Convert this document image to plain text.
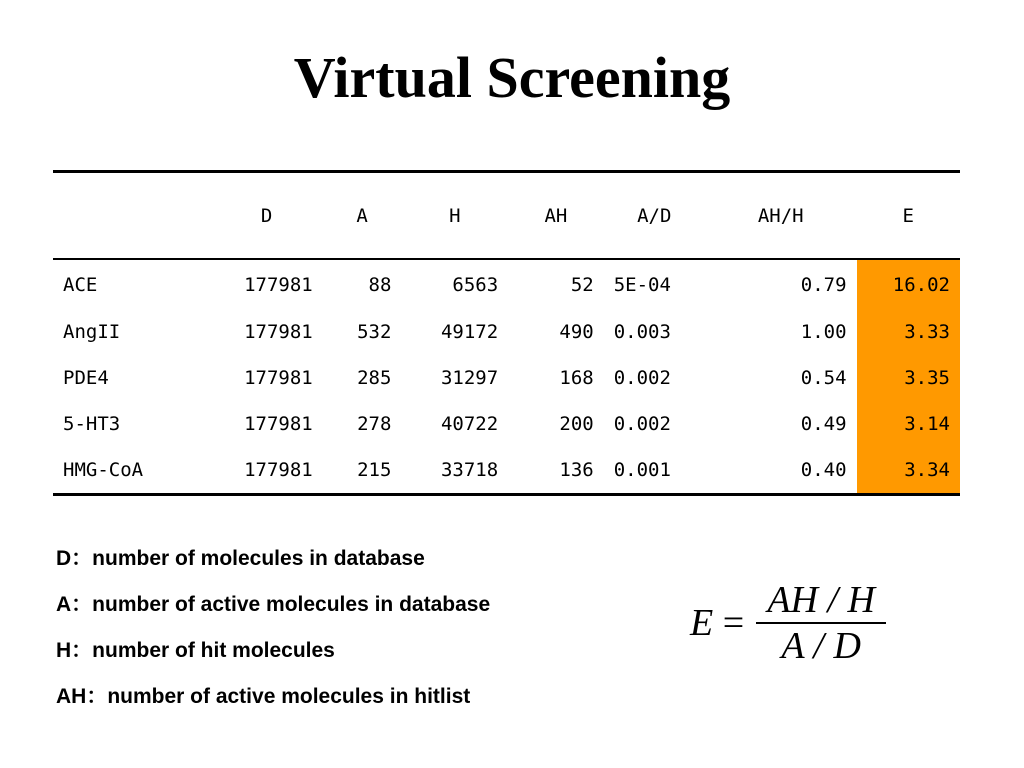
Virtual Screening
	D	A	H	AH	A/D	AH/H	E
ACE	177981	88	6563	52	5E-04	0.79	16.02
AngII	177981	532	49172	490	0.003	1.00	3.33
PDE4	177981	285	31297	168	0.002	0.54	3.35
5-HT3	177981	278	40722	200	0.002	0.49	3.14
HMG-CoA	177981	215	33718	136	0.001	0.40	3.34
D：number of molecules in database
A：number of active molecules in database
H：number of hit molecules
AH：number of active molecules in hitlist
$E = \frac{AH / H}{A / D}$
